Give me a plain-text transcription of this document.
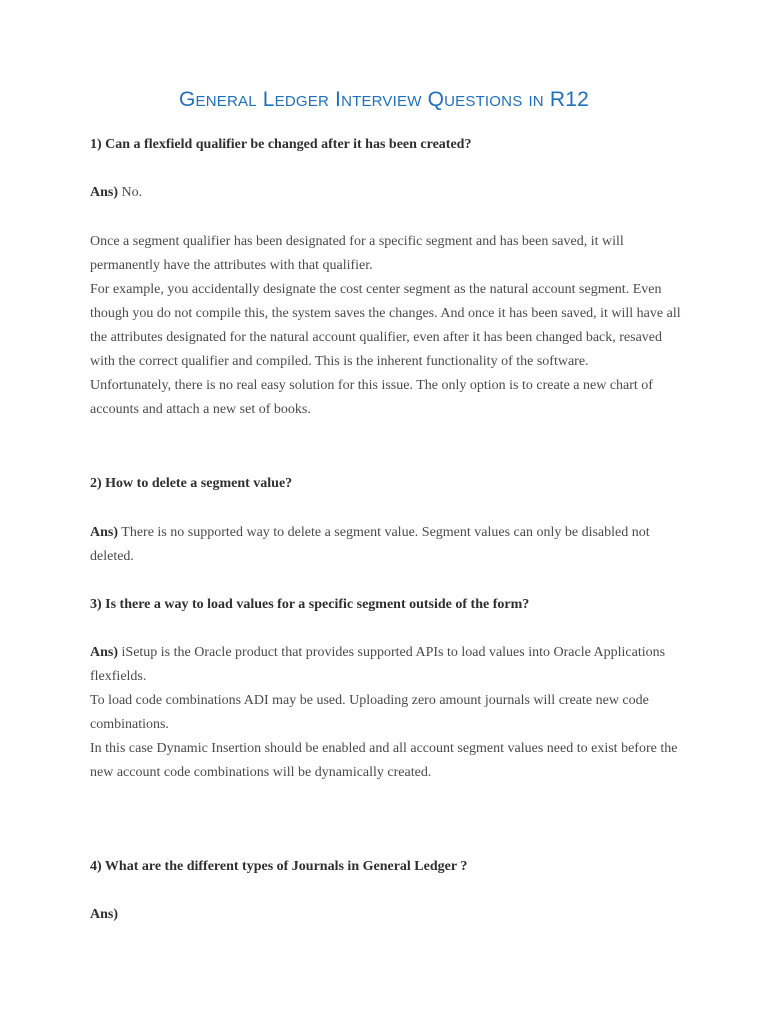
General Ledger Interview Questions in R12
1) Can a flexfield qualifier be changed after it has been created?
Ans) No.
Once a segment qualifier has been designated for a specific segment and has been saved, it will permanently have the attributes with that qualifier.
For example, you accidentally designate the cost center segment as the natural account segment. Even though you do not compile this, the system saves the changes. And once it has been saved, it will have all the attributes designated for the natural account qualifier, even after it has been changed back, resaved with the correct qualifier and compiled. This is the inherent functionality of the software.
Unfortunately, there is no real easy solution for this issue. The only option is to create a new chart of accounts and attach a new set of books.
2) How to delete a segment value?
Ans) There is no supported way to delete a segment value. Segment values can only be disabled not deleted.
3) Is there a way to load values for a specific segment outside of the form?
Ans) iSetup is the Oracle product that provides supported APIs to load values into Oracle Applications flexfields.
To load code combinations ADI may be used. Uploading zero amount journals will create new code combinations.
In this case Dynamic Insertion should be enabled and all account segment values need to exist before the new account code combinations will be dynamically created.
4) What are the different types of Journals in General Ledger ?
Ans)
